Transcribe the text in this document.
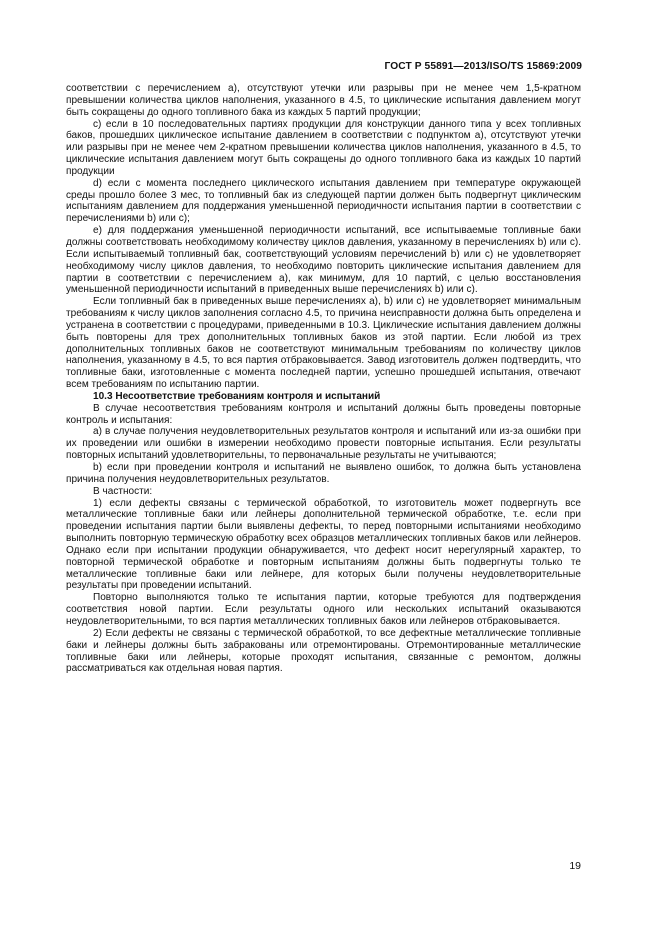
ГОСТ Р 55891—2013/ISO/TS 15869:2009

соответствии с перечислением а), отсутствуют утечки или разрывы при не менее чем 1,5-кратном превышении количества циклов наполнения, указанного в 4.5, то циклические испытания давлением могут быть сокращены до одного топливного бака из каждых 5 партий продукции;

с) если в 10 последовательных партиях продукции для конструкции данного типа у всех топливных баков, прошедших циклическое испытание давлением в соответствии с подпунктом а), отсутствуют утечки или разрывы при не менее чем 2-кратном превышении количества циклов наполнения, указанного в 4.5, то циклические испытания давлением могут быть сокращены до одного топливного бака из каждых 10 партий продукции

d) если с момента последнего циклического испытания давлением при температуре окружающей среды прошло более 3 мес, то топливный бак из следующей партии должен быть подвергнут циклическим испытаниям давлением для поддержания уменьшенной периодичности испытания партии в соответствии с перечислениями b) или с);

е) для поддержания уменьшенной периодичности испытаний, все испытываемые топливные баки должны соответствовать необходимому количеству циклов давления, указанному в перечислениях b) или с). Если испытываемый топливный бак, соответствующий условиям перечислений b) или с) не удовлетворяет необходимому числу циклов давления, то необходимо повторить циклические испытания давлением для партии в соответствии с перечислением а), как минимум, для 10 партий, с целью восстановления уменьшенной периодичности испытаний в приведенных выше перечислениях b) или с).

Если топливный бак в приведенных выше перечислениях а), b) или с) не удовлетворяет минимальным требованиям к числу циклов заполнения согласно 4.5, то причина неисправности должна быть определена и устранена в соответствии с процедурами, приведенными в 10.3. Циклические испытания давлением должны быть повторены для трех дополнительных топливных баков из этой партии. Если любой из трех дополнительных топливных баков не соответствуют минимальным требованиям по количеству циклов наполнения, указанному в 4.5, то вся партия отбраковывается. Завод изготовитель должен подтвердить, что топливные баки, изготовленные с момента последней партии, успешно прошедшей испытания, отвечают всем требованиям по испытанию партии.

10.3 Несоответствие требованиям контроля и испытаний

В случае несоответствия требованиям контроля и испытаний должны быть проведены повторные контроль и испытания:

а) в случае получения неудовлетворительных результатов контроля и испытаний или из-за ошибки при их проведении или ошибки в измерении необходимо провести повторные испытания. Если результаты повторных испытаний удовлетворительны, то первоначальные результаты не учитываются;

b) если при проведении контроля и испытаний не выявлено ошибок, то должна быть установлена причина получения неудовлетворительных результатов.

В частности:

1) если дефекты связаны с термической обработкой, то изготовитель может подвергнуть все металлические топливные баки или лейнеры дополнительной термической обработке, т.е. если при проведении испытания партии были выявлены дефекты, то перед повторными испытаниями необходимо выполнить повторную термическую обработку всех образцов металлических топливных баков или лейнеров. Однако если при испытании продукции обнаруживается, что дефект носит нерегулярный характер, то повторной термической обработке и повторным испытаниям должны быть подвергнуты только те металлические топливные баки или лейнере, для которых были получены неудовлетворительные результаты при проведении испытаний.

Повторно выполняются только те испытания партии, которые требуются для подтверждения соответствия новой партии. Если результаты одного или нескольких испытаний оказываются неудовлетворительными, то вся партия металлических топливных баков или лейнеров отбраковывается.

2) Если дефекты не связаны с термической обработкой, то все дефектные металлические топливные баки и лейнеры должны быть забракованы или отремонтированы. Отремонтированные металлические топливные баки или лейнеры, которые проходят испытания, связанные с ремонтом, должны рассматриваться как отдельная новая партия.

19
